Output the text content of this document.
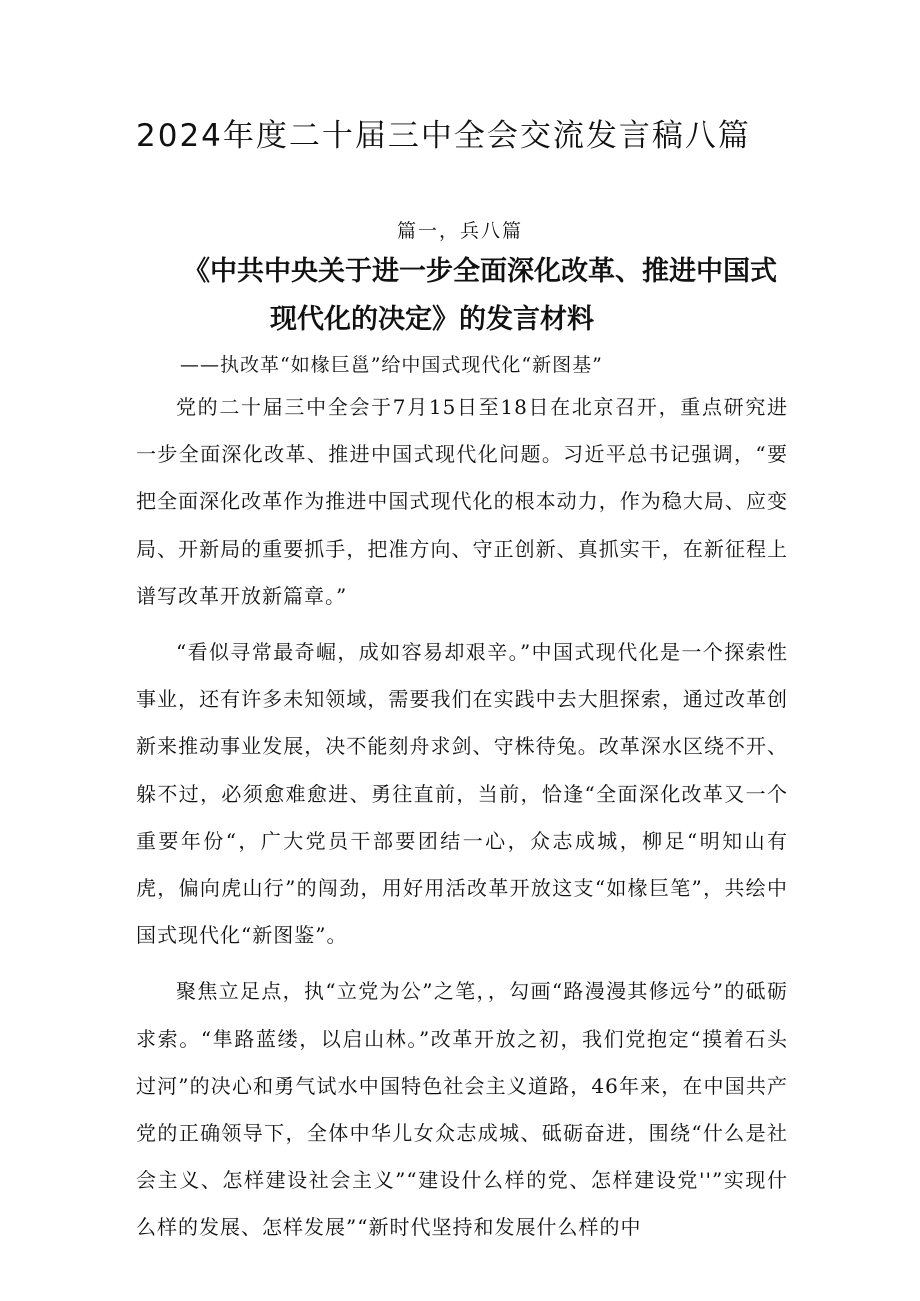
2024年度二十届三中全会交流发言稿八篇
篇一，兵八篇
《中共中央关于进一步全面深化改革、推进中国式
现代化的决定》的发言材料
——执改革“如椽巨邕”给中国式现代化“新图基”

党的二十届三中全会于7月15日至18日在北京召开，重点研究进一步全面深化改革、推进中国式现代化问题。习近平总书记强调，“要把全面深化改革作为推进中国式现代化的根本动力，作为稳大局、应变局、开新局的重要抓手，把准方向、守正创新、真抓实干，在新征程上谱写改革开放新篇章。”

“看似寻常最奇崛，成如容易却艰辛。”中国式现代化是一个探索性事业，还有许多未知领域，需要我们在实践中去大胆探索，通过改革创新来推动事业发展，决不能刻舟求剑、守株待兔。改革深水区绕不开、躲不过，必须愈难愈进、勇往直前，当前，恰逢“全面深化改革又一个重要年份“，广大党员干部要团结一心，众志成城，柳足“明知山有虎，偏向虎山行”的闯劲，用好用活改革开放这支“如椽巨笔”，共绘中国式现代化“新图鉴”。

聚焦立足点，执“立党为公”之笔，，勾画“路漫漫其修远兮”的砥砺求索。“隼路蓝缕，以启山林。”改革开放之初，我们党抱定“摸着石头过河”的决心和勇气试水中国特色社会主义道路，46年来，在中国共产党的正确领导下，全体中华儿女众志成城、砥砺奋进，围绕“什么是社会主义、怎样建设社会主义”“建设什么样的党、怎样建设党''”实现什么样的发展、怎样发展”“新时代坚持和发展什么样的中
